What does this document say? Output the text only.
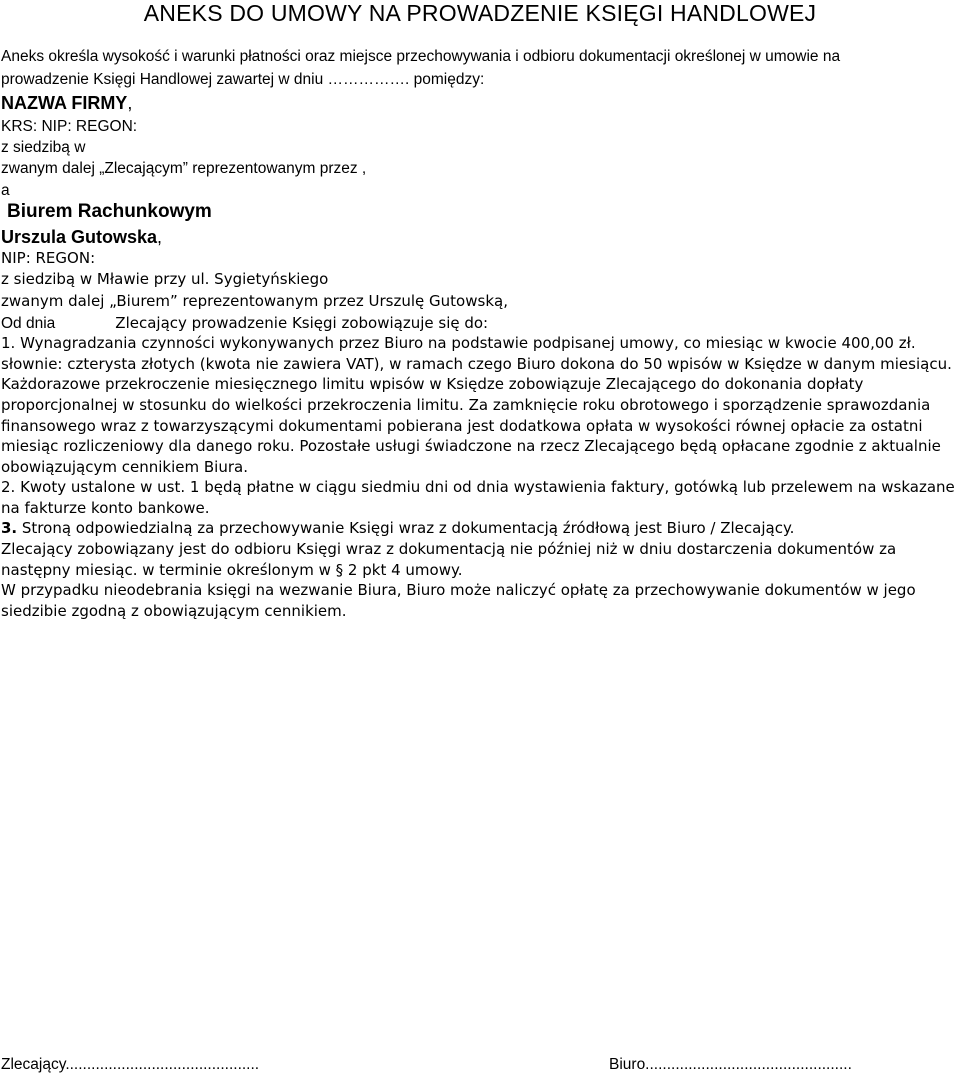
ANEKS DO UMOWY NA PROWADZENIE KSIĘGI HANDLOWEJ
Aneks określa wysokość i warunki płatności oraz miejsce przechowywania i odbioru dokumentacji określonej w umowie na
prowadzenie Księgi Handlowej zawartej w dniu ……………. pomiędzy:
NAZWA FIRMY,
KRS: NIP: REGON:
z siedzibą w
zwanym dalej „Zlecającym” reprezentowanym przez ,
a
Biurem Rachunkowym
Urszula Gutowska,
NIP: REGON:
z siedzibą w Mławie przy ul. Sygietyńskiego
zwanym dalej „Biurem” reprezentowanym przez Urszulę Gutowską,
Od dnia	Zlecający prowadzenie Księgi zobowiązuje się do:
1. Wynagradzania czynności wykonywanych przez Biuro na podstawie podpisanej umowy, co miesiąc w kwocie 400,00 zł.
słownie: czterysta złotych (kwota nie zawiera VAT), w ramach czego Biuro dokona do 50 wpisów w Księdze w danym miesiącu.
Każdorazowe przekroczenie miesięcznego limitu wpisów w Księdze zobowiązuje Zlecającego do dokonania dopłaty
proporcjonalnej w stosunku do wielkości przekroczenia limitu. Za zamknięcie roku obrotowego i sporządzenie sprawozdania
finansowego wraz z towarzyszącymi dokumentami pobierana jest dodatkowa opłata w wysokości równej opłacie za ostatni
miesiąc rozliczeniowy dla danego roku. Pozostałe usługi świadczone na rzecz Zlecającego będą opłacane zgodnie z aktualnie
obowiązującym cennikiem Biura.
2. Kwoty ustalone w ust. 1 będą płatne w ciągu siedmiu dni od dnia wystawienia faktury, gotówką lub przelewem na wskazane
na fakturze konto bankowe.
3. Stroną odpowiedzialną za przechowywanie Księgi wraz z dokumentacją źródłową jest Biuro / Zlecający.
Zlecający zobowiązany jest do odbioru Księgi wraz z dokumentacją nie później niż w dniu dostarczenia dokumentów za
następny miesiąc. w terminie określonym w § 2 pkt 4 umowy.
W przypadku nieodebrania księgi na wezwanie Biura, Biuro może naliczyć opłatę za przechowywanie dokumentów w jego
siedzibie zgodną z obowiązującym cennikiem.
Zlecający.............................................	Biuro................................................
